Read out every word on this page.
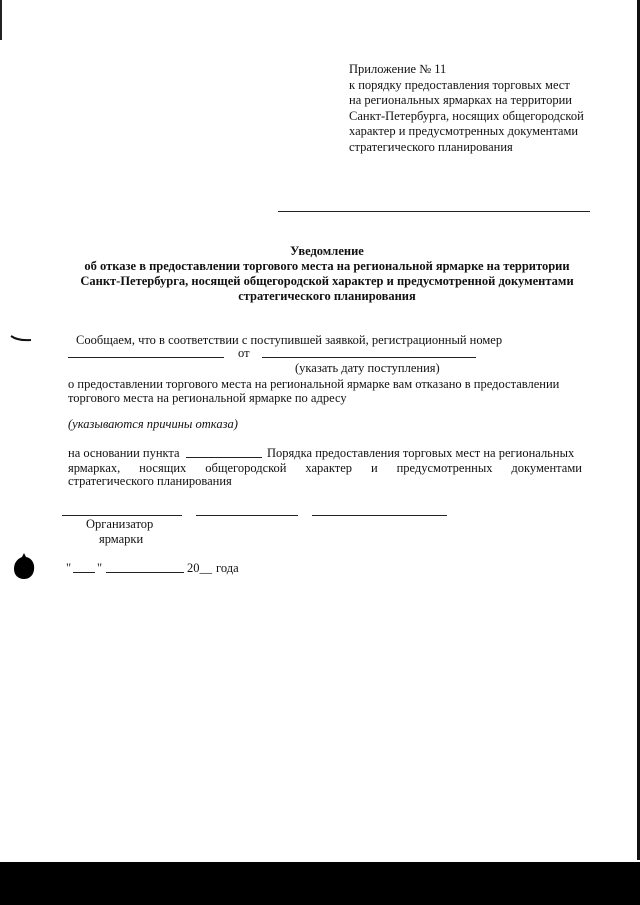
Приложение № 11
к порядку предоставления торговых мест
на региональных ярмарках на территории
Санкт-Петербурга, носящих общегородской
характер и предусмотренных документами
стратегического планирования
Уведомление
об отказе в предоставлении торгового места на региональной ярмарке на территории
Санкт-Петербурга, носящей общегородской характер и предусмотренной документами
стратегического планирования
Сообщаем, что в соответствии с поступившей заявкой, регистрационный номер
от
(указать дату поступления)
о предоставлении торгового места на региональной ярмарке вам отказано в предоставлении
торгового места на региональной ярмарке по адресу
(указываются причины отказа)
на основании пункта	Порядка предоставления торговых мест на региональных
ярмарках, носящих общегородской характер и предусмотренных документами
стратегического планирования
Организатор
ярмарки
" "	20__ года
